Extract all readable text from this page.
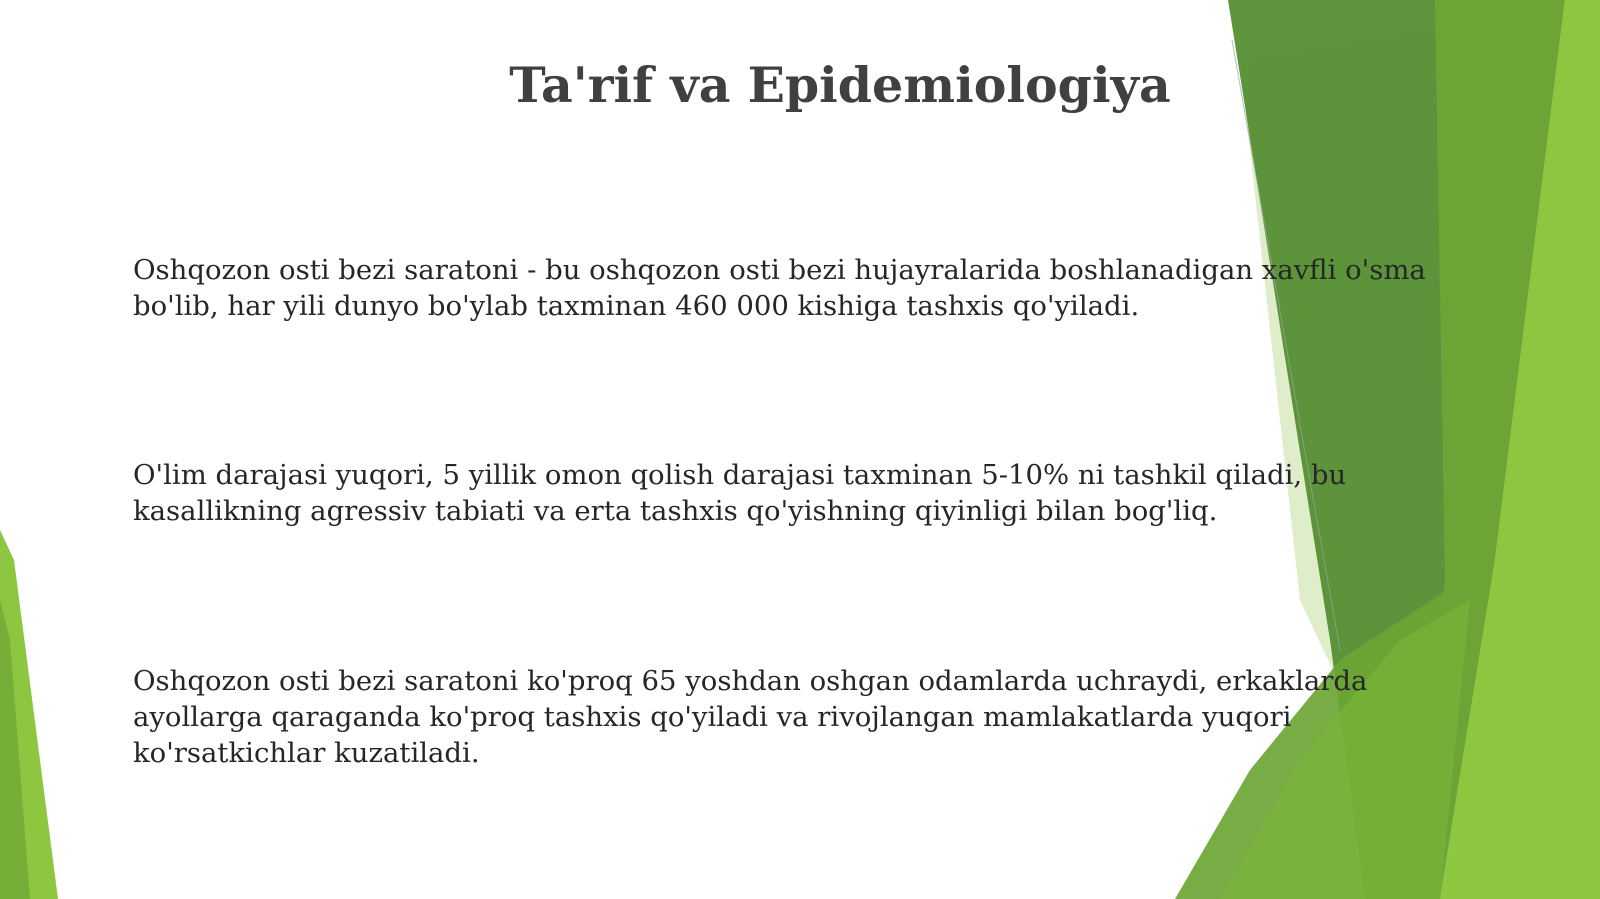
Ta'rif va Epidemiologiya

Oshqozon osti bezi saratoni - bu oshqozon osti bezi hujayralarida boshlanadigan xavfli o'sma bo'lib, har yili dunyo bo'ylab taxminan 460 000 kishiga tashxis qo'yiladi.

O'lim darajasi yuqori, 5 yillik omon qolish darajasi taxminan 5-10% ni tashkil qiladi, bu kasallikning agressiv tabiati va erta tashxis qo'yishning qiyinligi bilan bog'liq.

Oshqozon osti bezi saratoni ko'proq 65 yoshdan oshgan odamlarda uchraydi, erkaklarda ayollarga qaraganda ko'proq tashxis qo'yiladi va rivojlangan mamlakatlarda yuqori ko'rsatkichlar kuzatiladi.
